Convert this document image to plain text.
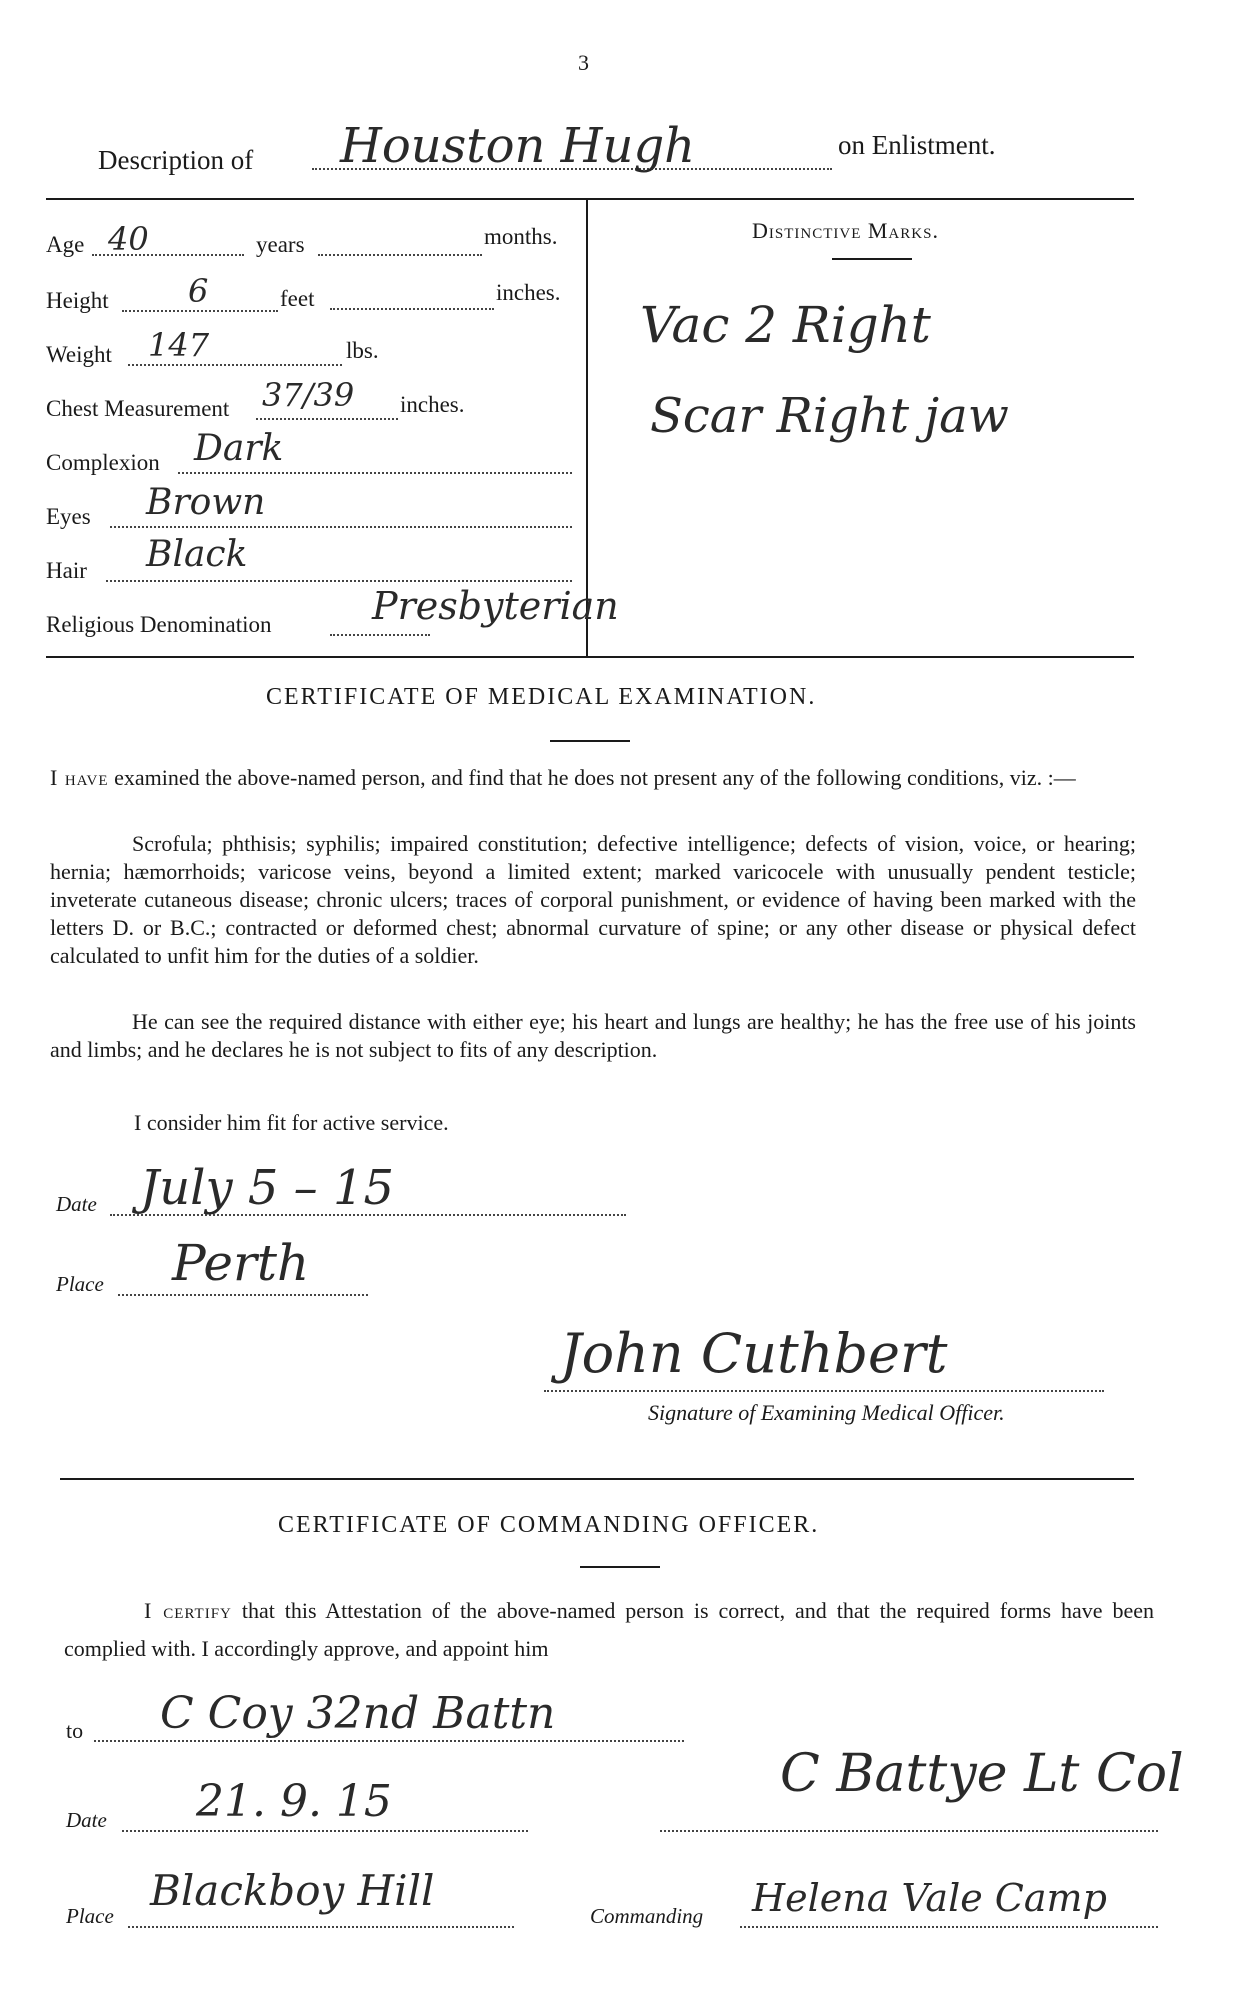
3
Description of Houston Hugh	on Enlistment.
Age 40	years	months.
Height 6	feet	inches.
Weight 147	lbs.
Chest Measurement 37/39 inches.
Complexion Dark
Eyes Brown
Hair Black
Religious Denomination	Presbyterian
Distinctive Marks.
Vac 2 Right
Scar Right jaw
CERTIFICATE OF MEDICAL EXAMINATION.

I have examined the above-named person, and find that he does not present any of the following conditions, viz. :—

Scrofula; phthisis; syphilis; impaired constitution; defective intelligence; defects of vision, voice, or hearing; hernia; hæmorrhoids; varicose veins, beyond a limited extent; marked varicocele with unusually pendent testicle; inveterate cutaneous disease; chronic ulcers; traces of corporal punishment, or evidence of having been marked with the letters D. or B.C.; contracted or deformed chest; abnormal curvature of spine; or any other disease or physical defect calculated to unfit him for the duties of a soldier.

He can see the required distance with either eye; his heart and lungs are healthy; he has the free use of his joints and limbs; and he declares he is not subject to fits of any description.

I consider him fit for active service.
Date July 5 – 15
Place Perth
John Cuthbert
Signature of Examining Medical Officer.
CERTIFICATE OF COMMANDING OFFICER.

I certify that this Attestation of the above-named person is correct, and that the required forms have been complied with. I accordingly approve, and appoint him

to C Coy 32nd Battn
Date 21. 9. 15	C Battye Lt Col
Place
Blackboy Hill
Commanding Helena Vale Camp
